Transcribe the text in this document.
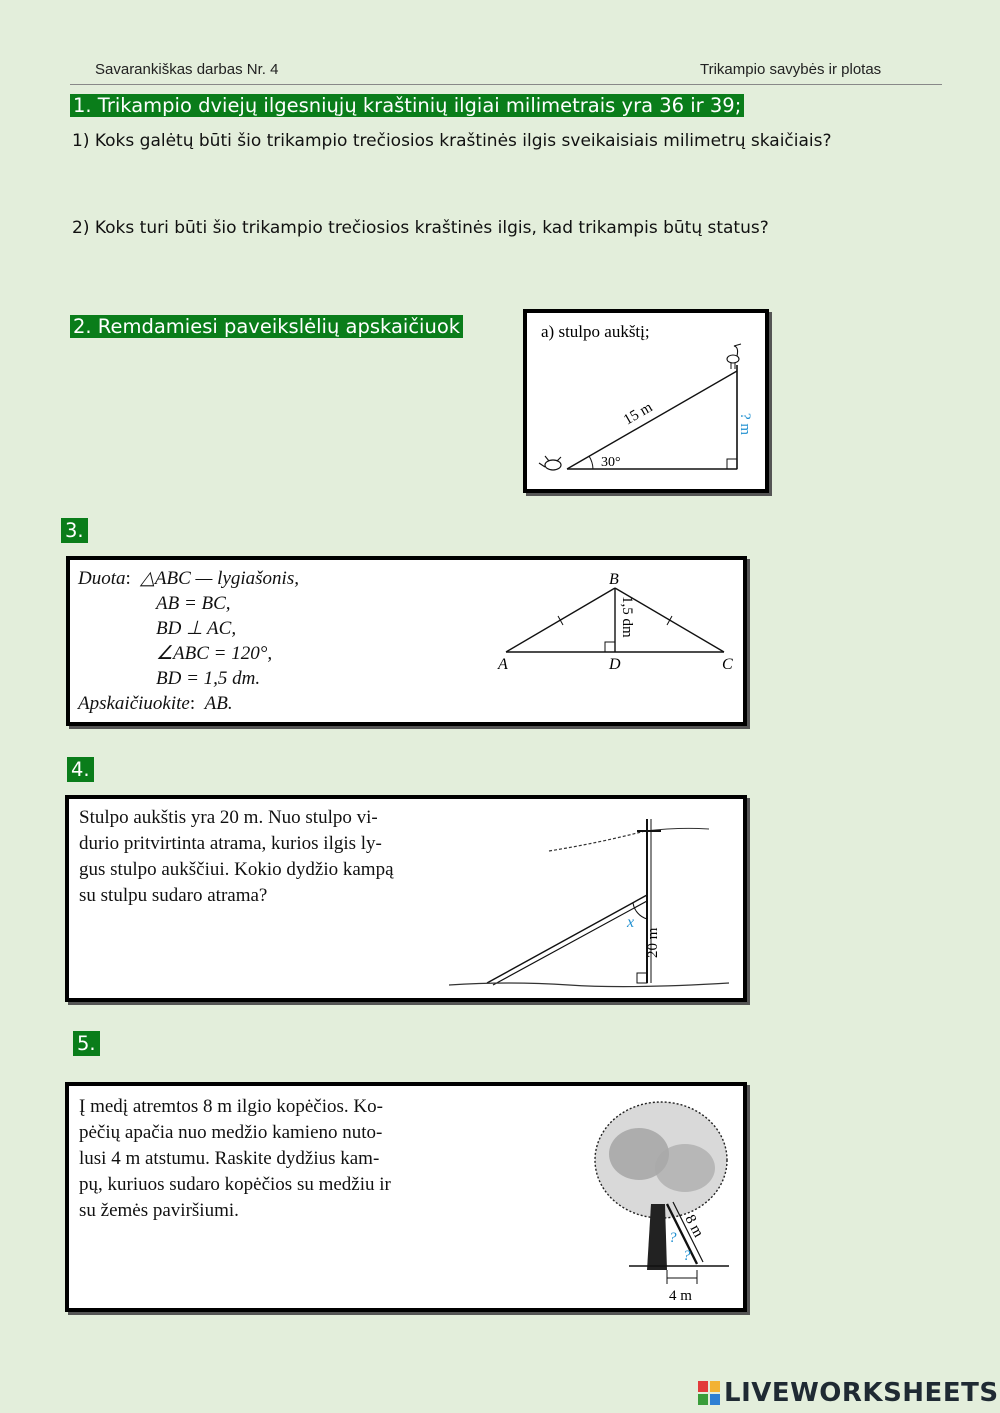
Savarankiškas darbas Nr. 4	Trikampio savybės ir plotas
1. Trikampio dviejų ilgesniųjų kraštinių ilgiai milimetrais yra 36 ir 39;
1) Koks galėtų būti šio trikampio trečiosios kraštinės ilgis sveikaisiais milimetrų skaičiais?
2) Koks turi būti šio trikampio trečiosios kraštinės ilgis, kad trikampis būtų status?
2. Remdamiesi paveikslėlių apskaičiuok	a) stulpo aukštį;
30°
15 m	? m
3.
Duota:  △ABC — lygiašonis,
AB = BC,
BD ⊥ AC,
∠ABC = 120°,
BD = 1,5 dm.
Apskaičiuokite:  AB.
A
B
C
D
1,5 dm
4.
Stulpo aukštis yra 20 m. Nuo stulpo vi-
durio pritvirtinta atrama, kurios ilgis ly-
gus stulpo aukščiui. Kokio dydžio kampą
su stulpu sudaro atrama?
x
20 m
5.
Į medį atremtos 8 m ilgio kopėčios. Ko-
pėčių apačia nuo medžio kamieno nuto-
lusi 4 m atstumu. Raskite dydžius kam-
pų, kuriuos sudaro kopėčios su medžiu ir
su žemės paviršiumi.
8 m
?
?
4 m
LIVEWORKSHEETS
